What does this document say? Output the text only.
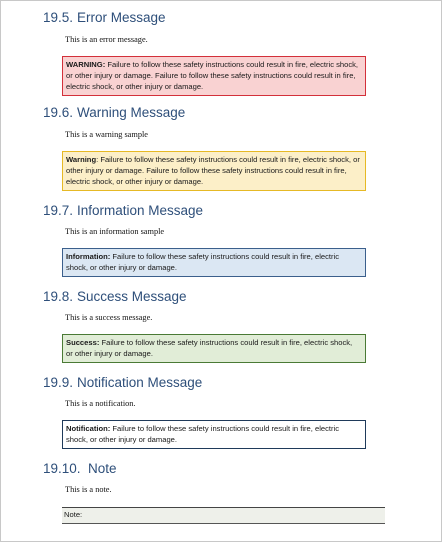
19.5. Error Message
This is an error message.
WARNING: Failure to follow these safety instructions could result in fire, electric shock, or other injury or damage. Failure to follow these safety instructions could result in fire, electric shock, or other injury or damage.
19.6. Warning Message
This is a warning sample
Warning: Failure to follow these safety instructions could result in fire, electric shock, or other injury or damage. Failure to follow these safety instructions could result in fire, electric shock, or other injury or damage.
19.7. Information Message
This is an information sample
Information: Failure to follow these safety instructions could result in fire, electric shock, or other injury or damage.
19.8. Success Message
This is a success message.
Success: Failure to follow these safety instructions could result in fire, electric shock, or other injury or damage.
19.9. Notification Message
This is a notification.
Notification: Failure to follow these safety instructions could result in fire, electric shock, or other injury or damage.
19.10. Note
This is a note.
Note:
